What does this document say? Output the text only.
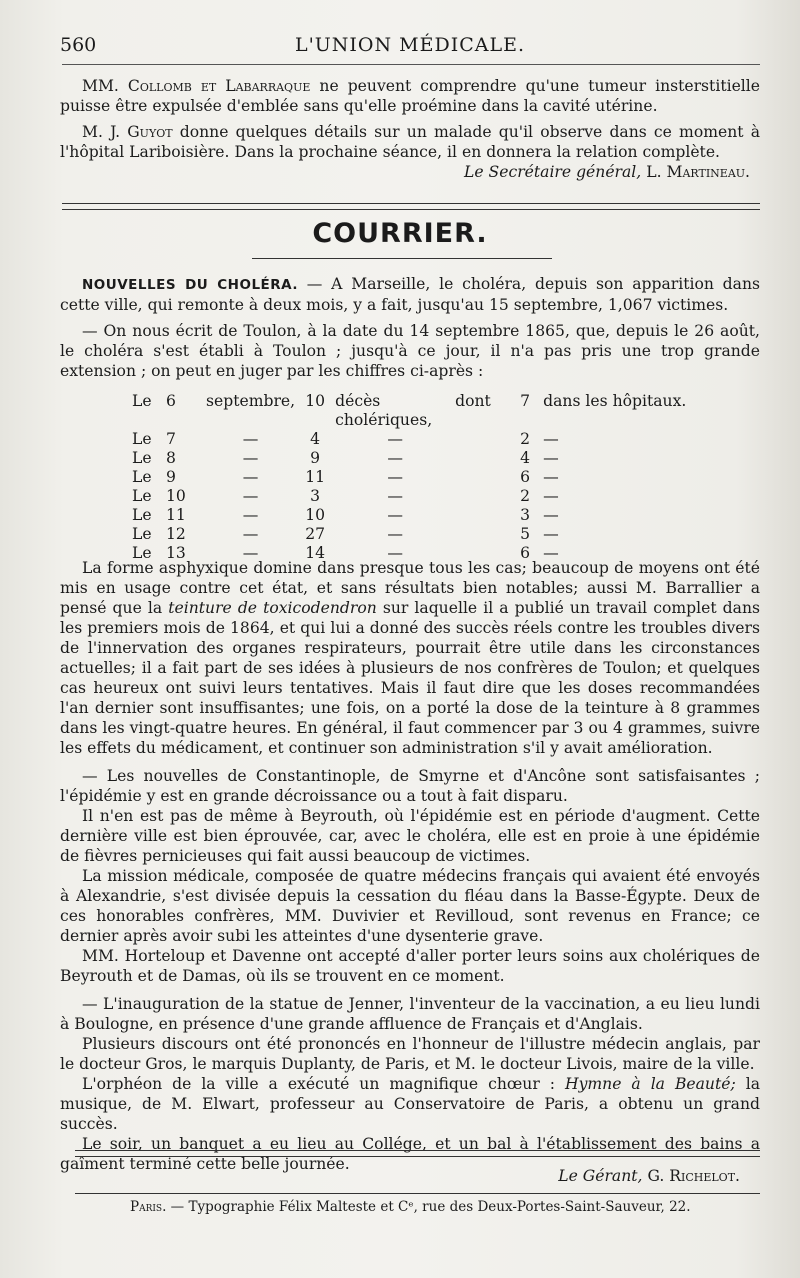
560	L'UNION MÉDICALE.

MM. Collomb et Labarraque ne peuvent comprendre qu'une tumeur insterstitielle puisse être expulsée d'emblée sans qu'elle proémine dans la cavité utérine.

M. J. Guyot donne quelques détails sur un malade qu'il observe dans ce moment à l'hôpital Lariboisière. Dans la prochaine séance, il en donnera la relation complète.

Le Secrétaire général, L. Martineau.

COURRIER.

NOUVELLES DU CHOLÉRA. — A Marseille, le choléra, depuis son apparition dans cette ville, qui remonte à deux mois, y a fait, jusqu'au 15 septembre, 1,067 victimes.

— On nous écrit de Toulon, à la date du 14 septembre 1865, que, depuis le 26 août, le choléra s'est établi à Toulon ; jusqu'à ce jour, il n'a pas pris une trop grande extension ; on peut en juger par les chiffres ci-après :

Le	6	septembre,	10	décès cholériques,	dont	7	dans les hôpitaux.
Le	7	—	4	—		2	—
Le	8	—	9	—		4	—
Le	9	—	11	—		6	—
Le	10	—	3	—		2	—
Le	11	—	10	—		3	—
Le	12	—	27	—		5	—
Le	13	—	14	—		6	—

La forme asphyxique domine dans presque tous les cas; beaucoup de moyens ont été mis en usage contre cet état, et sans résultats bien notables; aussi M. Barrallier a pensé que la teinture de toxicodendron sur laquelle il a publié un travail complet dans les premiers mois de 1864, et qui lui a donné des succès réels contre les troubles divers de l'innervation des organes respirateurs, pourrait être utile dans les circonstances actuelles; il a fait part de ses idées à plusieurs de nos confrères de Toulon; et quelques cas heureux ont suivi leurs tentatives. Mais il faut dire que les doses recommandées l'an dernier sont insuffisantes; une fois, on a porté la dose de la teinture à 8 grammes dans les vingt-quatre heures. En général, il faut commencer par 3 ou 4 grammes, suivre les effets du médicament, et continuer son administration s'il y avait amélioration.

— Les nouvelles de Constantinople, de Smyrne et d'Ancône sont satisfaisantes ; l'épidémie y est en grande décroissance ou a tout à fait disparu.

Il n'en est pas de même à Beyrouth, où l'épidémie est en période d'augment. Cette dernière ville est bien éprouvée, car, avec le choléra, elle est en proie à une épidémie de fièvres pernicieuses qui fait aussi beaucoup de victimes.

La mission médicale, composée de quatre médecins français qui avaient été envoyés à Alexandrie, s'est divisée depuis la cessation du fléau dans la Basse-Égypte. Deux de ces honorables confrères, MM. Duvivier et Revilloud, sont revenus en France; ce dernier après avoir subi les atteintes d'une dysenterie grave.

MM. Horteloup et Davenne ont accepté d'aller porter leurs soins aux cholériques de Beyrouth et de Damas, où ils se trouvent en ce moment.

— L'inauguration de la statue de Jenner, l'inventeur de la vaccination, a eu lieu lundi à Boulogne, en présence d'une grande affluence de Français et d'Anglais.

Plusieurs discours ont été prononcés en l'honneur de l'illustre médecin anglais, par le docteur Gros, le marquis Duplanty, de Paris, et M. le docteur Livois, maire de la ville.

L'orphéon de la ville a exécuté un magnifique chœur : Hymne à la Beauté; la musique, de M. Elwart, professeur au Conservatoire de Paris, a obtenu un grand succès.

Le soir, un banquet a eu lieu au Collége, et un bal à l'établissement des bains a gaîment terminé cette belle journée.

Le Gérant, G. Richelot.
Paris. — Typographie Félix Malteste et Cᵉ, rue des Deux-Portes-Saint-Sauveur, 22.
